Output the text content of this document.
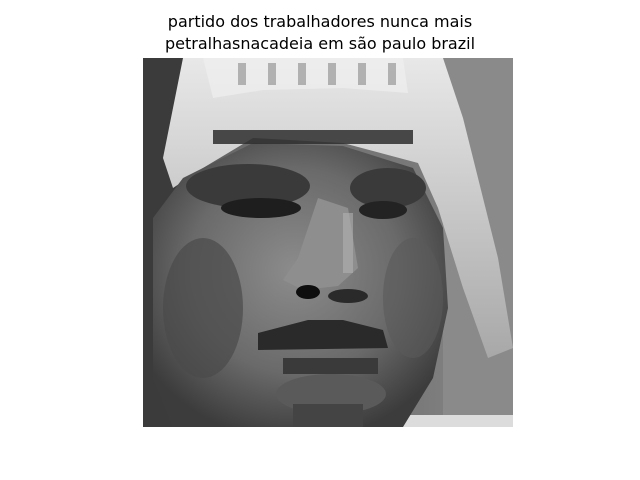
partido dos trabalhadores nunca mais
petralhasnacadeia em são paulo brazil
